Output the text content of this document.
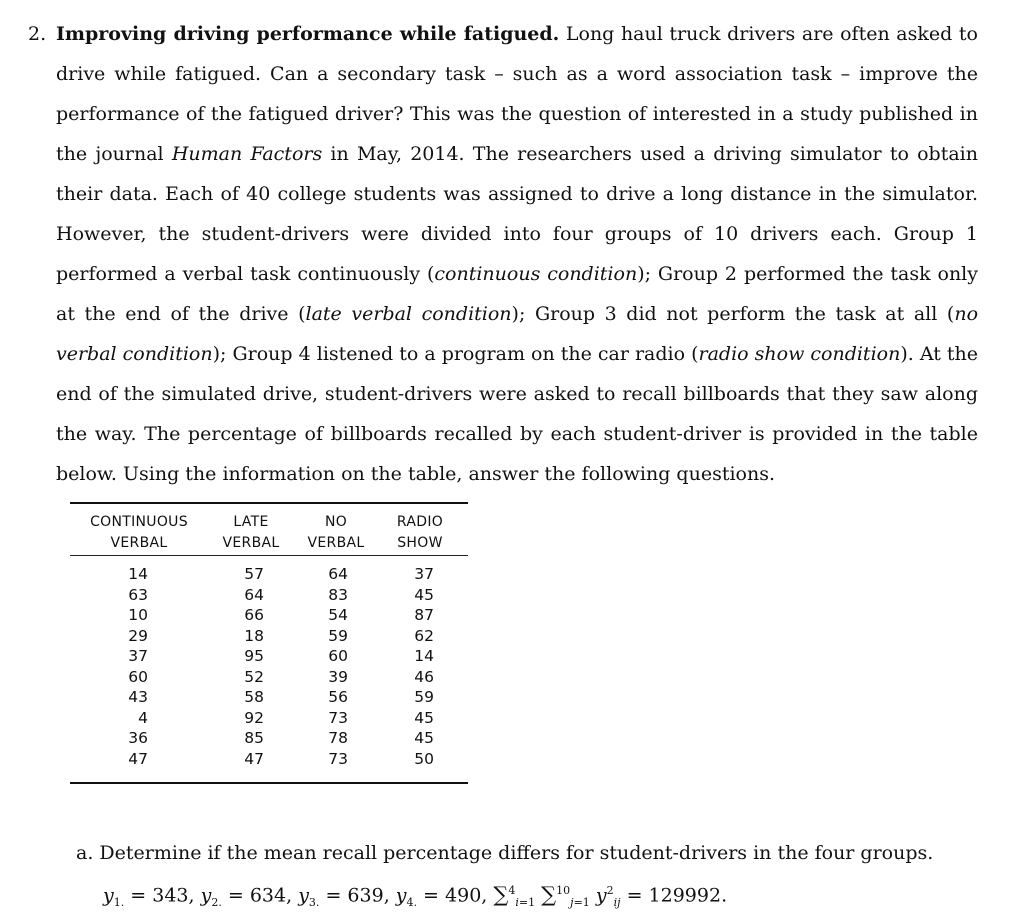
2. Improving driving performance while fatigued. Long haul truck drivers are often asked to drive while fatigued. Can a secondary task – such as a word association task – improve the performance of the fatigued driver? This was the question of interested in a study published in the journal Human Factors in May, 2014. The researchers used a driving simulator to obtain their data. Each of 40 college students was assigned to drive a long distance in the simulator. However, the student-drivers were divided into four groups of 10 drivers each. Group 1 performed a verbal task continuously (continuous condition); Group 2 performed the task only at the end of the drive (late verbal condition); Group 3 did not perform the task at all (no verbal condition); Group 4 listened to a program on the car radio (radio show condition). At the end of the simulated drive, student-drivers were asked to recall billboards that they saw along the way. The percentage of billboards recalled by each student-driver is provided in the table below. Using the information on the table, answer the following questions.
CONTINUOUS
VERBAL
LATE
VERBAL
NO
VERBAL
RADIO
SHOW
14
63
10
29
37
60
43
4
36
47
57
64
66
18
95
52
58
92
85
47
64
83
54
59
60
39
56
73
78
73
37
45
87
62
14
46
59
45
45
50
a. Determine if the mean recall percentage differs for student-drivers in the four groups.
$y_{1.} = 343$, $y_{2.} = 634$, $y_{3.} = 639$, $y_{4.} = 490$, ∑$^4_{i=1}$ ∑$^{10}_{j=1}$ $y^2_{ij} = 129992$.
